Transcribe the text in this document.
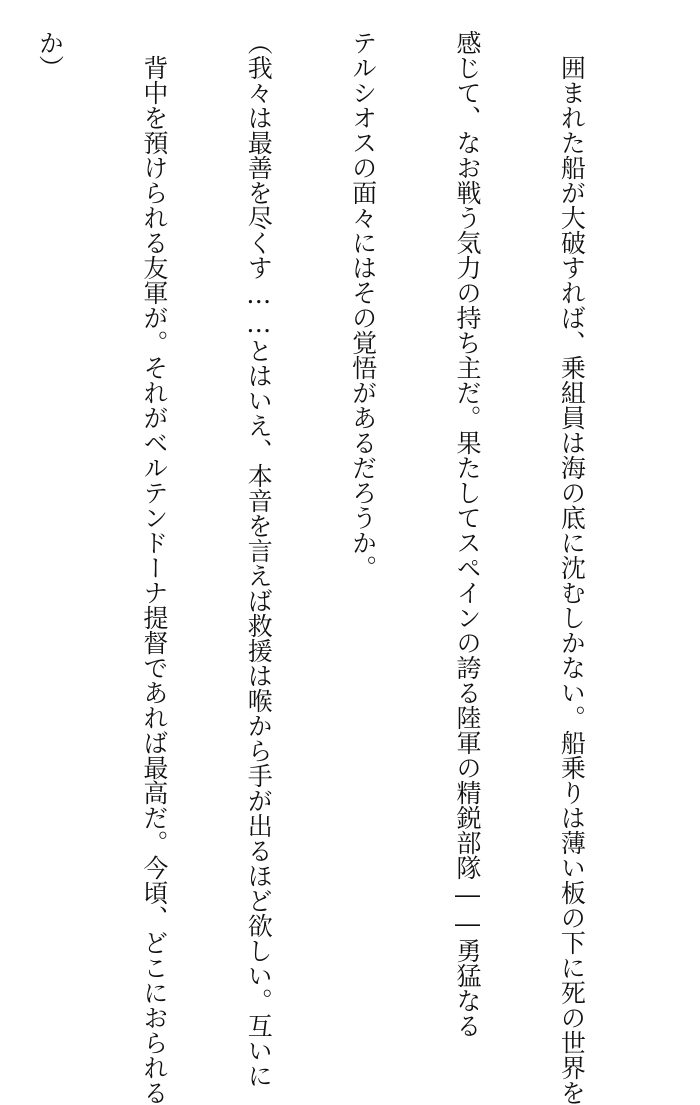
囲まれた船が大破すれば、乗組員は海の底に沈むしかない。船乗りは薄い板の下に死の世界を

感じて、なお戦う気力の持ち主だ。果たしてスペインの誇る陸軍の精鋭部隊――勇猛なる

テルシオスの面々にはその覚悟があるだろうか。

（我々は最善を尽くす……とはいえ、本音を言えば救援は喉から手が出るほど欲しい。互いに

背中を預けられる友軍が。それがベルテンドーナ提督であれば最高だ。今頃、どこにおられる

か）
